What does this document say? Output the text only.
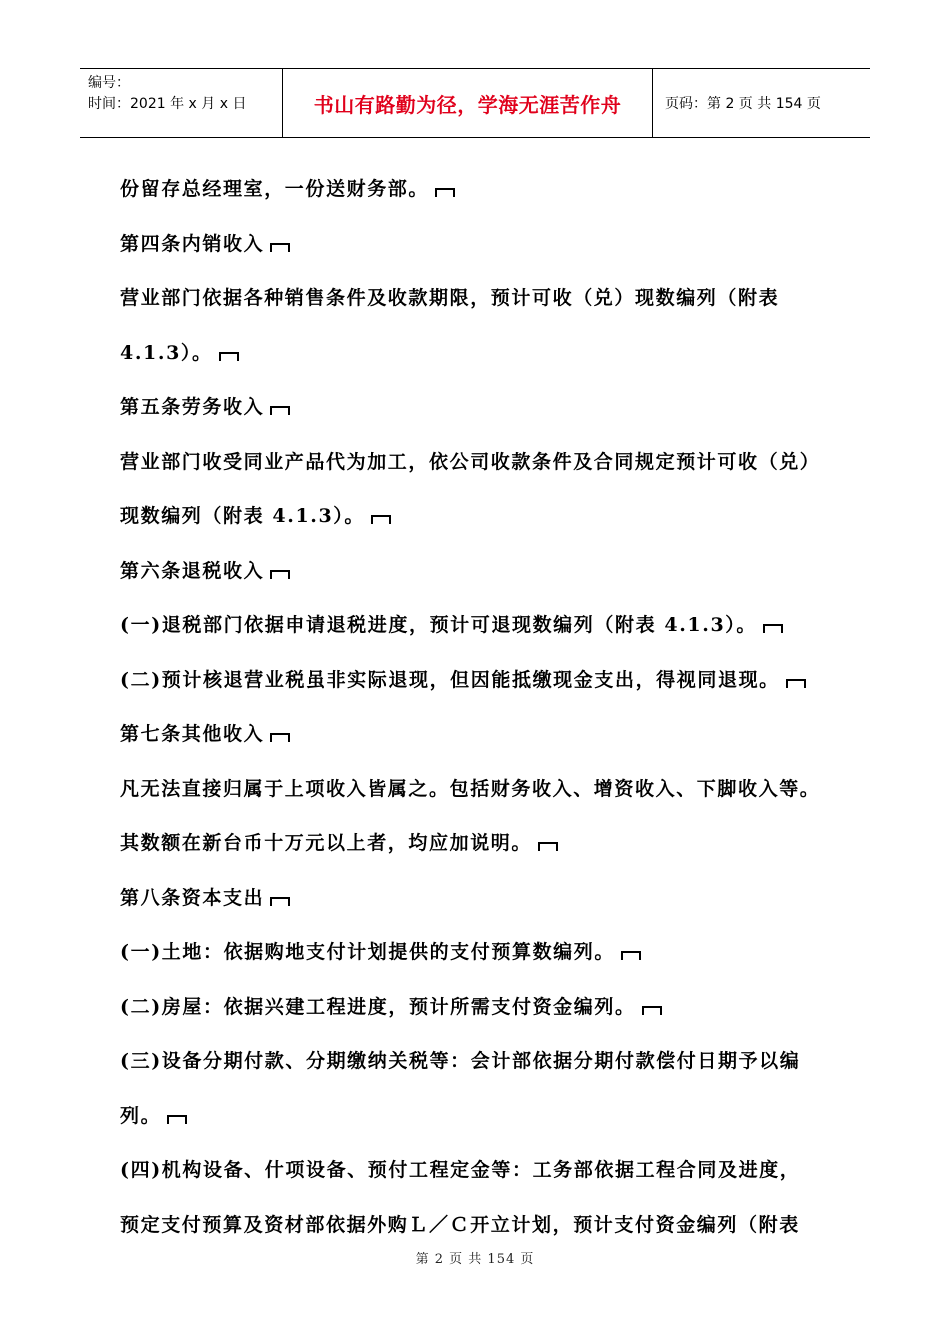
编号：
时间：2021 年 x 月 x 日	书山有路勤为径，学海无涯苦作舟	页码：第 2 页 共 154 页
份留存总经理室，一份送财务部。
第四条内销收入
营业部门依据各种销售条件及收款期限，预计可收（兑）现数编列（附表
4.1.3）。
第五条劳务收入
营业部门收受同业产品代为加工，依公司收款条件及合同规定预计可收（兑）
现数编列（附表 4.1.3）。
第六条退税收入
(一)退税部门依据申请退税进度，预计可退现数编列（附表 4.1.3）。
(二)预计核退营业税虽非实际退现，但因能抵缴现金支出，得视同退现。
第七条其他收入
凡无法直接归属于上项收入皆属之。包括财务收入、增资收入、下脚收入等。
其数额在新台币十万元以上者，均应加说明。
第八条资本支出
(一)土地：依据购地支付计划提供的支付预算数编列。
(二)房屋：依据兴建工程进度，预计所需支付资金编列。
(三)设备分期付款、分期缴纳关税等：会计部依据分期付款偿付日期予以编
列。
(四)机构设备、什项设备、预付工程定金等：工务部依据工程合同及进度，
预定支付预算及资材部依据外购Ｌ／Ｃ开立计划，预计支付资金编列（附表
第 2 页 共 154 页
